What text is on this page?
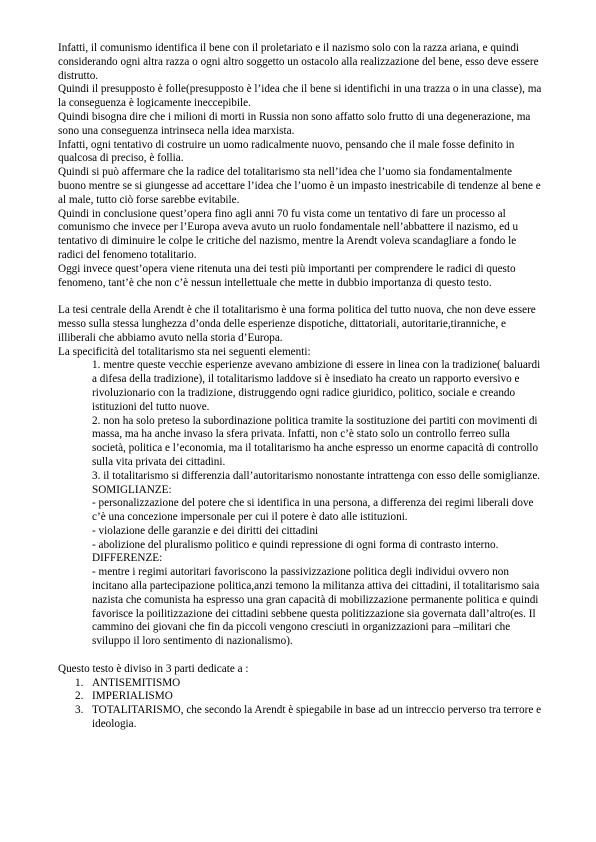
Infatti, il comunismo identifica il bene con il proletariato e il nazismo solo con la razza ariana, e quindi considerando ogni altra razza o ogni altro soggetto un ostacolo alla realizzazione del bene, esso deve essere distrutto.

Quindi il presupposto è folle(presupposto è l’idea che il bene si identifichi in una trazza o in una classe), ma la conseguenza è logicamente ineccepibile.

Quindi bisogna dire che i milioni di morti in Russia non sono affatto solo frutto di una degenerazione, ma sono una conseguenza intrinseca nella idea marxista.

Infatti, ogni tentativo di costruire un uomo radicalmente nuovo, pensando che il male fosse definito in qualcosa di preciso, è follia.

Quindi si può affermare che la radice del totalitarismo sta nell’idea che l’uomo sia fondamentalmente buono mentre se si giungesse ad accettare l’idea che l’uomo è un impasto inestricabile di tendenze al bene e al male, tutto ciò forse sarebbe evitabile.

Quindi in conclusione quest’opera fino agli anni 70 fu vista come un tentativo di fare un processo al comunismo che invece per l’Europa aveva avuto un ruolo fondamentale nell’abbattere il nazismo, ed u tentativo di diminuire le colpe le critiche del nazismo, mentre la Arendt voleva scandagliare a fondo le radici del fenomeno totalitario.

Oggi invece quest’opera viene ritenuta una dei testi più importanti per comprendere le radici di questo fenomeno, tant’è che non c’è nessun intellettuale che mette in dubbio importanza di questo testo.

La tesi centrale della Arendt è che il totalitarismo è una forma politica del tutto nuova, che non deve essere messo sulla stessa lunghezza d’onda delle esperienze dispotiche, dittatoriali, autoritarie,tiranniche, e illiberali che abbiamo avuto nella storia d’Europa.

La specificità del totalitarismo sta nei seguenti elementi:

1. mentre queste vecchie esperienze avevano ambizione di essere in linea con la tradizione( baluardi a difesa della tradizione), il totalitarismo laddove si è insediato ha creato un rapporto eversivo e rivoluzionario con la tradizione, distruggendo ogni radice giuridico, politico, sociale e creando istituzioni del tutto nuove.

2. non ha solo preteso la subordinazione politica tramite la sostituzione dei partiti con movimenti di massa, ma ha anche invaso la sfera privata. Infatti, non c’è stato solo un controllo ferreo sulla società, politica e l’economia, ma il totalitarismo ha anche espresso un enorme capacità di controllo sulla vita privata dei cittadini.

3. il totalitarismo si differenzia dall’autoritarismo nonostante intrattenga con esso delle somiglianze.

SOMIGLIANZE:

- personalizzazione del potere che si identifica in una persona, a differenza dei regimi liberali dove c’è una concezione impersonale per cui il potere è dato alle istituzioni.

- violazione delle garanzie e dei diritti dei cittadini

- abolizione del pluralismo politico e quindi repressione di ogni forma di contrasto interno.

DIFFERENZE:

- mentre i regimi autoritari favoriscono la passivizzazione politica degli individui ovvero non incitano alla partecipazione politica,anzi temono la militanza attiva dei cittadini, il totalitarismo saia nazista che comunista ha espresso una gran capacità di mobilizzazione permanente politica e quindi favorisce la poilitizzazione dei cittadini sebbene questa politizzazione sia governata dall’altro(es. Il cammino dei giovani che fin da piccoli vengono cresciuti in organizzazioni para –militari che sviluppo il loro sentimento di nazionalismo).

Questo testo è diviso in 3 parti dedicate a :

1. ANTISEMITISMO
2. IMPERIALISMO
3. TOTALITARISMO, che secondo la Arendt è spiegabile in base ad un intreccio perverso tra terrore e ideologia.
